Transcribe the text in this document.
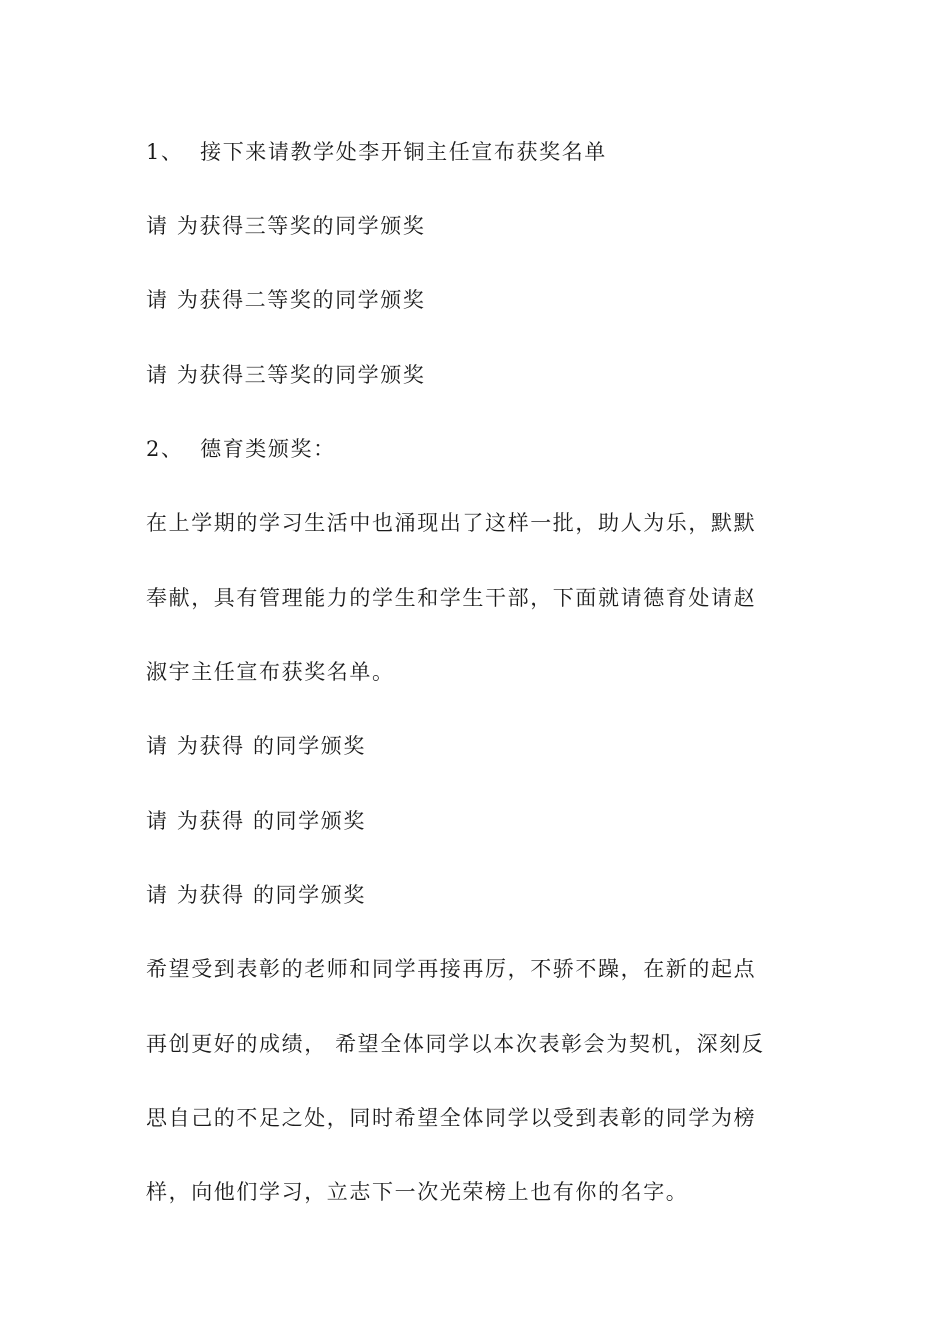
1、  接下来请教学处李开铜主任宣布获奖名单
请 为获得三等奖的同学颁奖
请 为获得二等奖的同学颁奖
请 为获得三等奖的同学颁奖
2、  德育类颁奖：
在上学期的学习生活中也涌现出了这样一批，助人为乐，默默
奉献，具有管理能力的学生和学生干部，下面就请德育处请赵
淑宇主任宣布获奖名单。
请 为获得 的同学颁奖
请 为获得 的同学颁奖
请 为获得 的同学颁奖
希望受到表彰的老师和同学再接再厉，不骄不躁，在新的起点
再创更好的成绩， 希望全体同学以本次表彰会为契机，深刻反
思自己的不足之处，同时希望全体同学以受到表彰的同学为榜
样，向他们学习，立志下一次光荣榜上也有你的名字。
